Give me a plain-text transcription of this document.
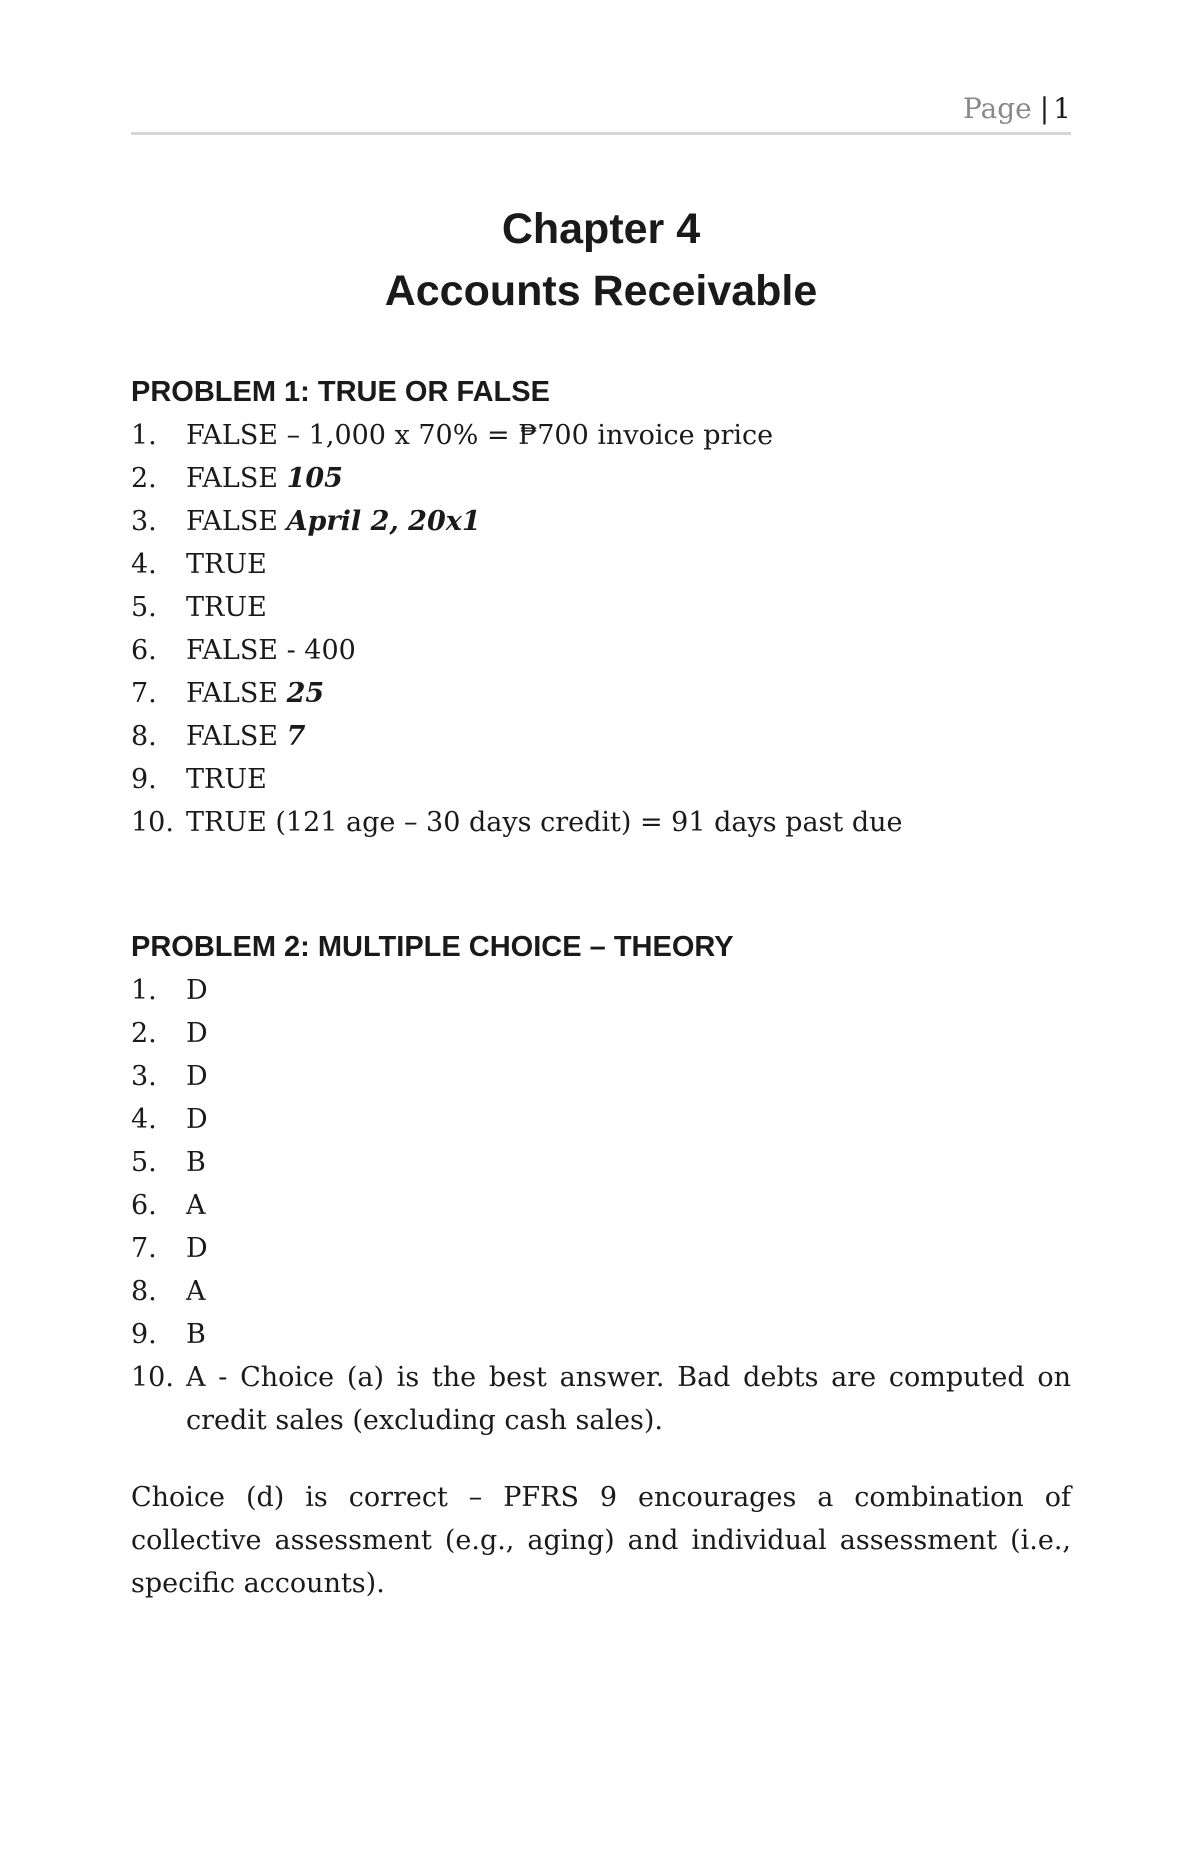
Page | 1
Chapter 4
Accounts Receivable
PROBLEM 1: TRUE OR FALSE
1.	FALSE – 1,000 x 70% = ₱700 invoice price
2.	FALSE 105
3.	FALSE April 2, 20x1
4.	TRUE
5.	TRUE
6.	FALSE - 400
7.	FALSE 25
8.	FALSE 7
9.	TRUE
10. TRUE (121 age – 30 days credit) = 91 days past due
PROBLEM 2: MULTIPLE CHOICE – THEORY
1.	D
2.	D
3.	D
4.	D
5.	B
6.	A
7.	D
8.	A
9.	B
10. A - Choice (a) is the best answer. Bad debts are computed on credit sales (excluding cash sales).

Choice (d) is correct – PFRS 9 encourages a combination of collective assessment (e.g., aging) and individual assessment (i.e., specific accounts).
